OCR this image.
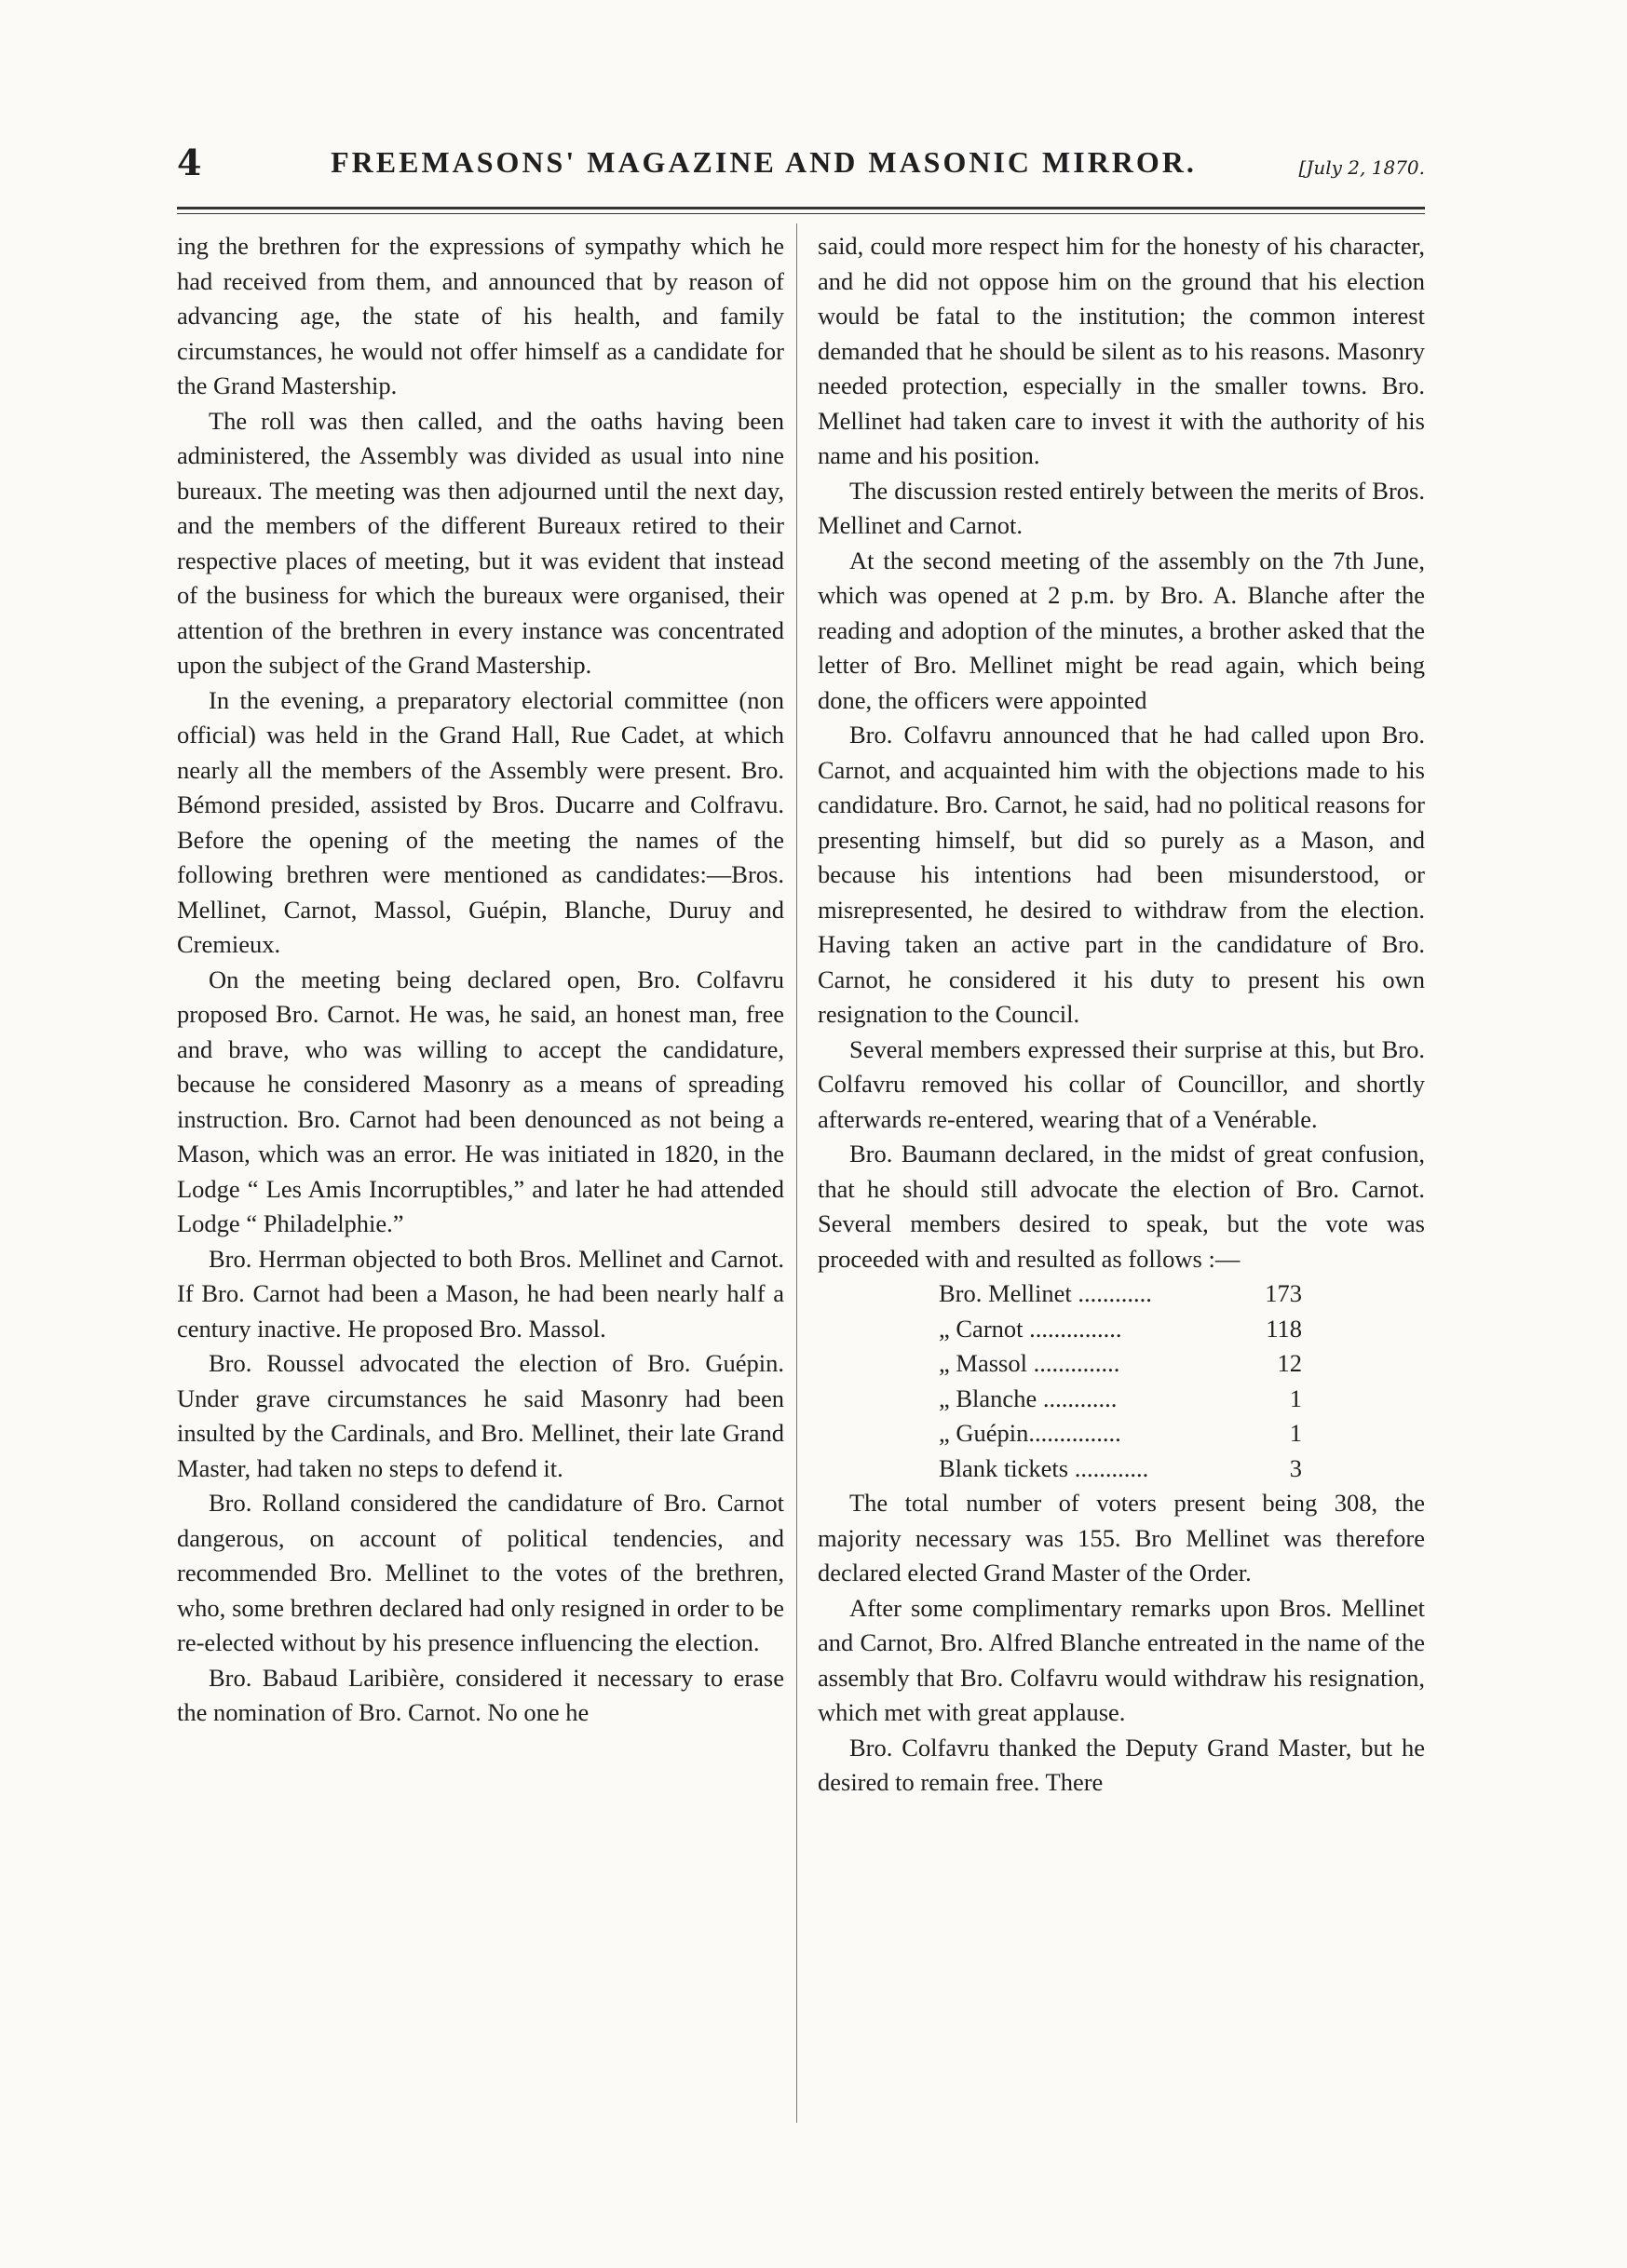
4	FREEMASONS' MAGAZINE AND MASONIC MIRROR.	[July 2, 1870.

ing the brethren for the expressions of sympathy which he had received from them, and announced that by reason of advancing age, the state of his health, and family circumstances, he would not offer himself as a candidate for the Grand Mastership.

The roll was then called, and the oaths having been administered, the Assembly was divided as usual into nine bureaux. The meeting was then adjourned until the next day, and the members of the different Bureaux retired to their respective places of meeting, but it was evident that instead of the business for which the bureaux were organised, their attention of the brethren in every instance was concentrated upon the subject of the Grand Mastership.

In the evening, a preparatory electorial committee (non official) was held in the Grand Hall, Rue Cadet, at which nearly all the members of the Assembly were present. Bro. Bémond presided, assisted by Bros. Ducarre and Colfravu. Before the opening of the meeting the names of the following brethren were mentioned as candidates:—Bros. Mellinet, Carnot, Massol, Guépin, Blanche, Duruy and Cremieux.

On the meeting being declared open, Bro. Colfavru proposed Bro. Carnot. He was, he said, an honest man, free and brave, who was willing to accept the candidature, because he considered Masonry as a means of spreading instruction. Bro. Carnot had been denounced as not being a Mason, which was an error. He was initiated in 1820, in the Lodge “ Les Amis Incorruptibles,” and later he had attended Lodge “ Philadelphie.”

Bro. Herrman objected to both Bros. Mellinet and Carnot. If Bro. Carnot had been a Mason, he had been nearly half a century inactive. He proposed Bro. Massol.

Bro. Roussel advocated the election of Bro. Guépin. Under grave circumstances he said Masonry had been insulted by the Cardinals, and Bro. Mellinet, their late Grand Master, had taken no steps to defend it.

Bro. Rolland considered the candidature of Bro. Carnot dangerous, on account of political tendencies, and recommended Bro. Mellinet to the votes of the brethren, who, some brethren declared had only resigned in order to be re-elected without by his presence influencing the election.

Bro. Babaud Laribière, considered it necessary to erase the nomination of Bro. Carnot. No one he

said, could more respect him for the honesty of his character, and he did not oppose him on the ground that his election would be fatal to the institution; the common interest demanded that he should be silent as to his reasons. Masonry needed protection, especially in the smaller towns. Bro. Mellinet had taken care to invest it with the authority of his name and his position.

The discussion rested entirely between the merits of Bros. Mellinet and Carnot.

At the second meeting of the assembly on the 7th June, which was opened at 2 p.m. by Bro. A. Blanche after the reading and adoption of the minutes, a brother asked that the letter of Bro. Mellinet might be read again, which being done, the officers were appointed

Bro. Colfavru announced that he had called upon Bro. Carnot, and acquainted him with the objections made to his candidature. Bro. Carnot, he said, had no political reasons for presenting himself, but did so purely as a Mason, and because his intentions had been misunderstood, or misrepresented, he desired to withdraw from the election. Having taken an active part in the candidature of Bro. Carnot, he considered it his duty to present his own resignation to the Council.

Several members expressed their surprise at this, but Bro. Colfavru removed his collar of Councillor, and shortly afterwards re-entered, wearing that of a Venérable.

Bro. Baumann declared, in the midst of great confusion, that he should still advocate the election of Bro. Carnot. Several members desired to speak, but the vote was proceeded with and resulted as follows :—

Bro. Mellinet ............	173
„ Carnot ...............	118
„ Massol ..............	12
„ Blanche ............	1
„ Guépin...............	1
Blank tickets ............	3

The total number of voters present being 308, the majority necessary was 155. Bro Mellinet was therefore declared elected Grand Master of the Order.

After some complimentary remarks upon Bros. Mellinet and Carnot, Bro. Alfred Blanche entreated in the name of the assembly that Bro. Colfavru would withdraw his resignation, which met with great applause.

Bro. Colfavru thanked the Deputy Grand Master, but he desired to remain free. There
